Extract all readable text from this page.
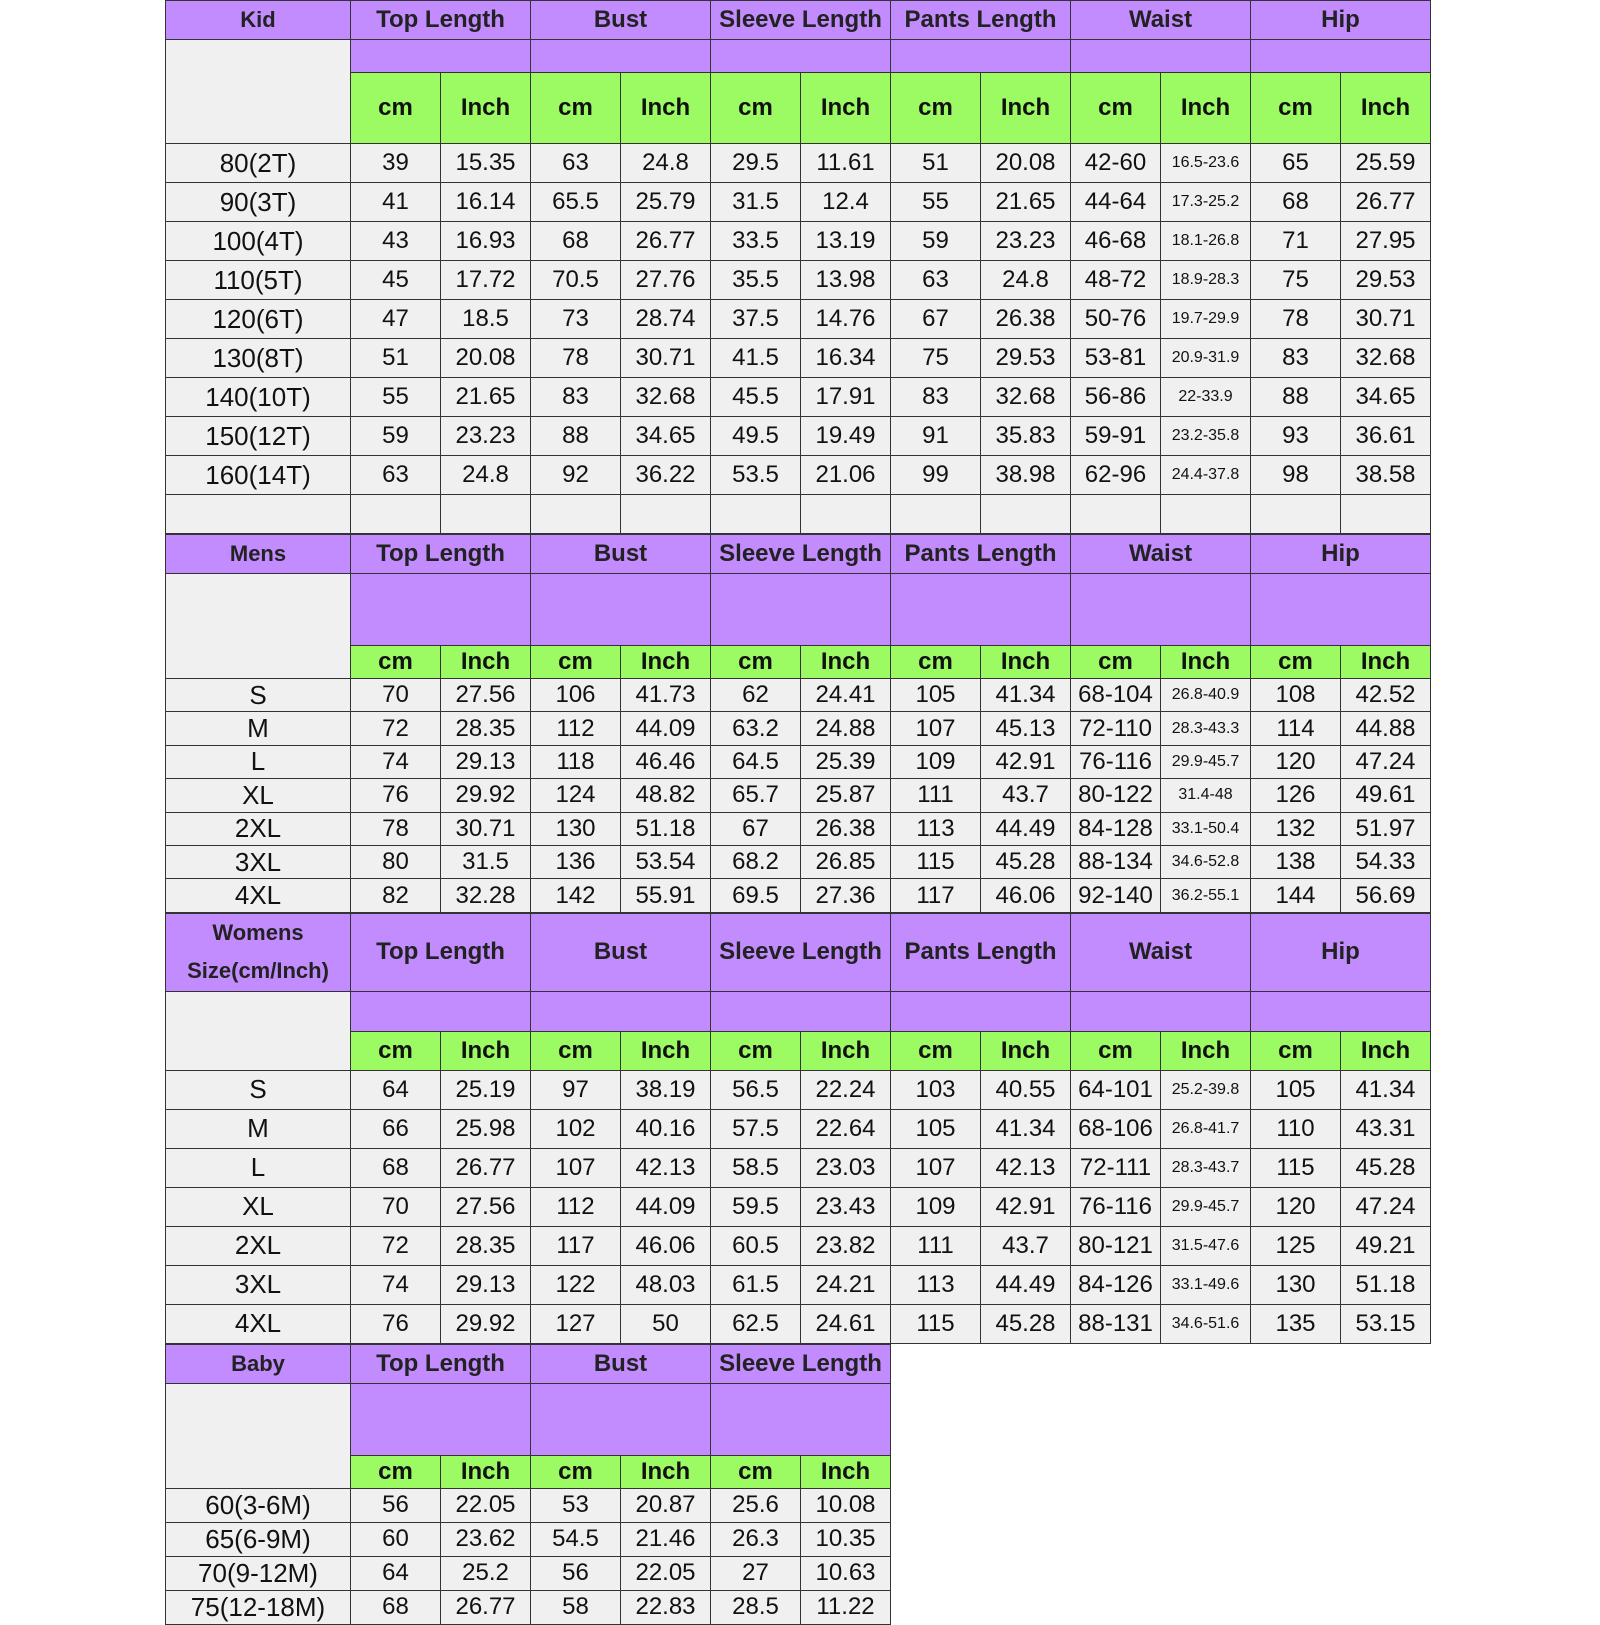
Kid	Top Length		Bust		Sleeve Length		Pants Length		Waist		Hip	

	cm	Inch	cm	Inch	cm	Inch	cm	Inch	cm	Inch	cm	Inch
80(2T)	39	15.35	63	24.8	29.5	11.61	51	20.08	42-60	16.5-23.6	65	25.59
90(3T)	41	16.14	65.5	25.79	31.5	12.4	55	21.65	44-64	17.3-25.2	68	26.77
100(4T)	43	16.93	68	26.77	33.5	13.19	59	23.23	46-68	18.1-26.8	71	27.95
110(5T)	45	17.72	70.5	27.76	35.5	13.98	63	24.8	48-72	18.9-28.3	75	29.53
120(6T)	47	18.5	73	28.74	37.5	14.76	67	26.38	50-76	19.7-29.9	78	30.71
130(8T)	51	20.08	78	30.71	41.5	16.34	75	29.53	53-81	20.9-31.9	83	32.68
140(10T)	55	21.65	83	32.68	45.5	17.91	83	32.68	56-86	22-33.9	88	34.65
150(12T)	59	23.23	88	34.65	49.5	19.49	91	35.83	59-91	23.2-35.8	93	36.61
160(14T)	63	24.8	92	36.22	53.5	21.06	99	38.98	62-96	24.4-37.8	98	38.58

Mens	Top Length		Bust		Sleeve Length		Pants Length		Waist		Hip	

	cm	Inch	cm	Inch	cm	Inch	cm	Inch	cm	Inch	cm	Inch
S	70	27.56	106	41.73	62	24.41	105	41.34	68-104	26.8-40.9	108	42.52
M	72	28.35	112	44.09	63.2	24.88	107	45.13	72-110	28.3-43.3	114	44.88
L	74	29.13	118	46.46	64.5	25.39	109	42.91	76-116	29.9-45.7	120	47.24
XL	76	29.92	124	48.82	65.7	25.87	111	43.7	80-122	31.4-48	126	49.61
2XL	78	30.71	130	51.18	67	26.38	113	44.49	84-128	33.1-50.4	132	51.97
3XL	80	31.5	136	53.54	68.2	26.85	115	45.28	88-134	34.6-52.8	138	54.33
4XL	82	32.28	142	55.91	69.5	27.36	117	46.06	92-140	36.2-55.1	144	56.69
Womens Size(cm/Inch)	Top Length		Bust		Sleeve Length		Pants Length		Waist		Hip	

	cm	Inch	cm	Inch	cm	Inch	cm	Inch	cm	Inch	cm	Inch
S	64	25.19	97	38.19	56.5	22.24	103	40.55	64-101	25.2-39.8	105	41.34
M	66	25.98	102	40.16	57.5	22.64	105	41.34	68-106	26.8-41.7	110	43.31
L	68	26.77	107	42.13	58.5	23.03	107	42.13	72-111	28.3-43.7	115	45.28
XL	70	27.56	112	44.09	59.5	23.43	109	42.91	76-116	29.9-45.7	120	47.24
2XL	72	28.35	117	46.06	60.5	23.82	111	43.7	80-121	31.5-47.6	125	49.21
3XL	74	29.13	122	48.03	61.5	24.21	113	44.49	84-126	33.1-49.6	130	51.18
4XL	76	29.92	127	50	62.5	24.61	115	45.28	88-131	34.6-51.6	135	53.15
Baby	Top Length		Bust		Sleeve Length	

	cm	Inch	cm	Inch	cm	Inch
60(3-6M)	56	22.05	53	20.87	25.6	10.08
65(6-9M)	60	23.62	54.5	21.46	26.3	10.35
70(9-12M)	64	25.2	56	22.05	27	10.63
75(12-18M)	68	26.77	58	22.83	28.5	11.22
